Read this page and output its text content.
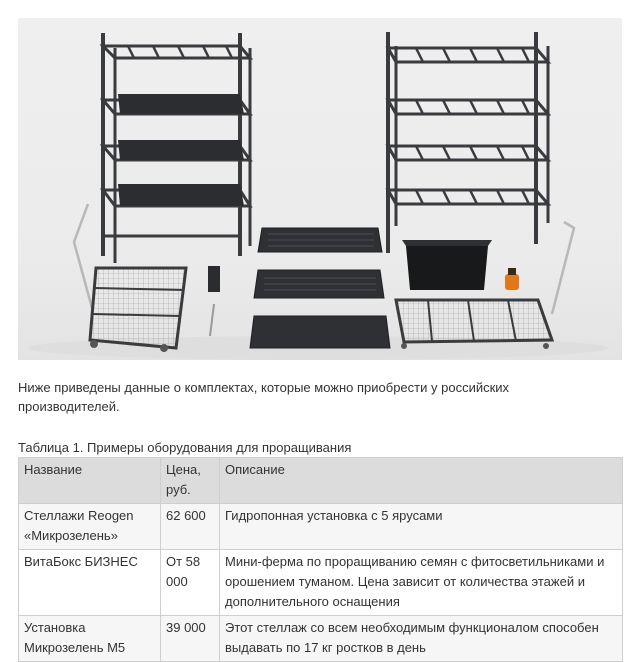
Ниже приведены данные о комплектах, которые можно приобрести у российских производителей.

Таблица 1. Примеры оборудования для проращивания
Название	Цена, руб.	Описание
Стеллажи Reogen «Микрозелень»	62 600	Гидропонная установка с 5 ярусами
ВитаБокс БИЗНЕС	От 58 000	Мини-ферма по проращиванию семян с фитосветильниками и орошением туманом. Цена зависит от количества этажей и дополнительного оснащения
Установка Микрозелень М5	39 000	Этот стеллаж со всем необходимым функционалом способен выдавать по 17 кг ростков в день
